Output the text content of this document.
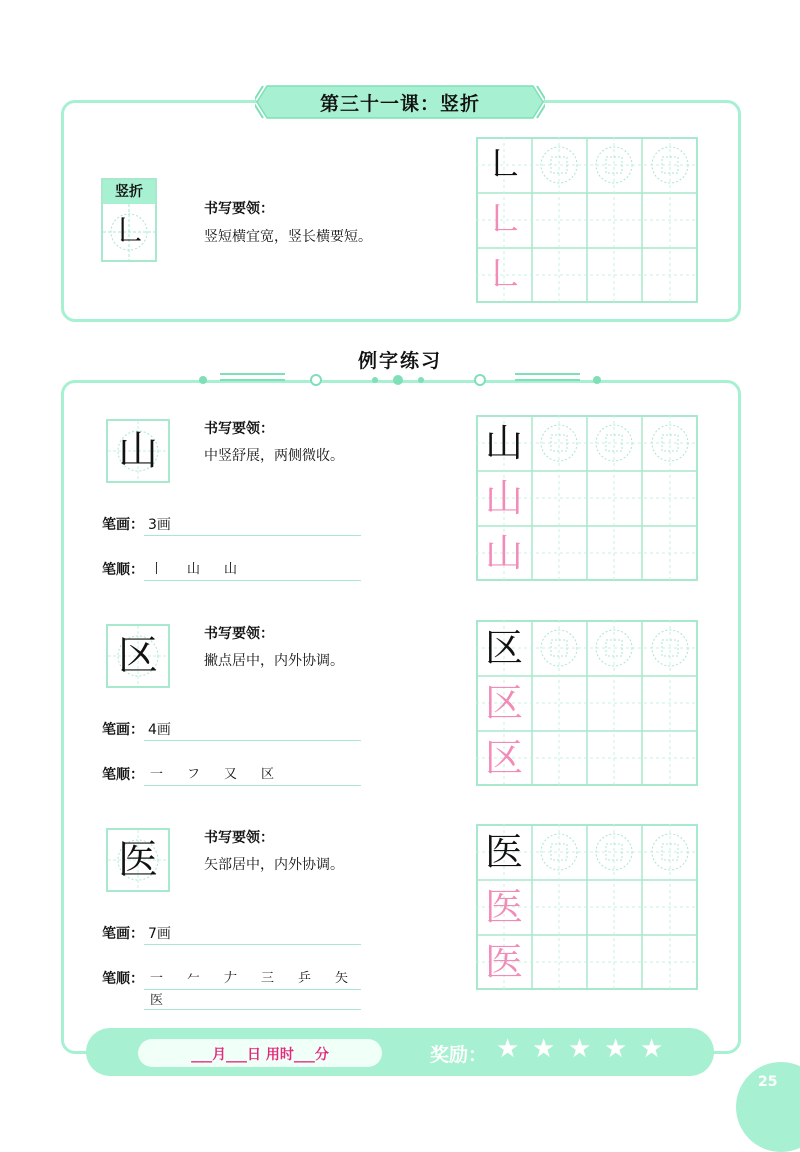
第三十一课：竖折
竖折
㇗
书写要领：
竖短横宜宽，竖长横要短。
㇗
㇗
㇗
例字练习
山	书写要领：
中竖舒展，两侧微收。
笔画： 3画
笔顺： 丨 山 山
山
山
山
区	书写要领：
撇点居中，内外协调。
笔画： 4画
笔顺： 一 フ 又 区
区
区
区
医	书写要领：
矢部居中，内外协调。
笔画： 7画
笔顺： 一 𠂉 𠂇 三 乒 矢
医
医
医
医
___月___日 用时___分	奖励： ★ ★ ★ ★ ★
25
